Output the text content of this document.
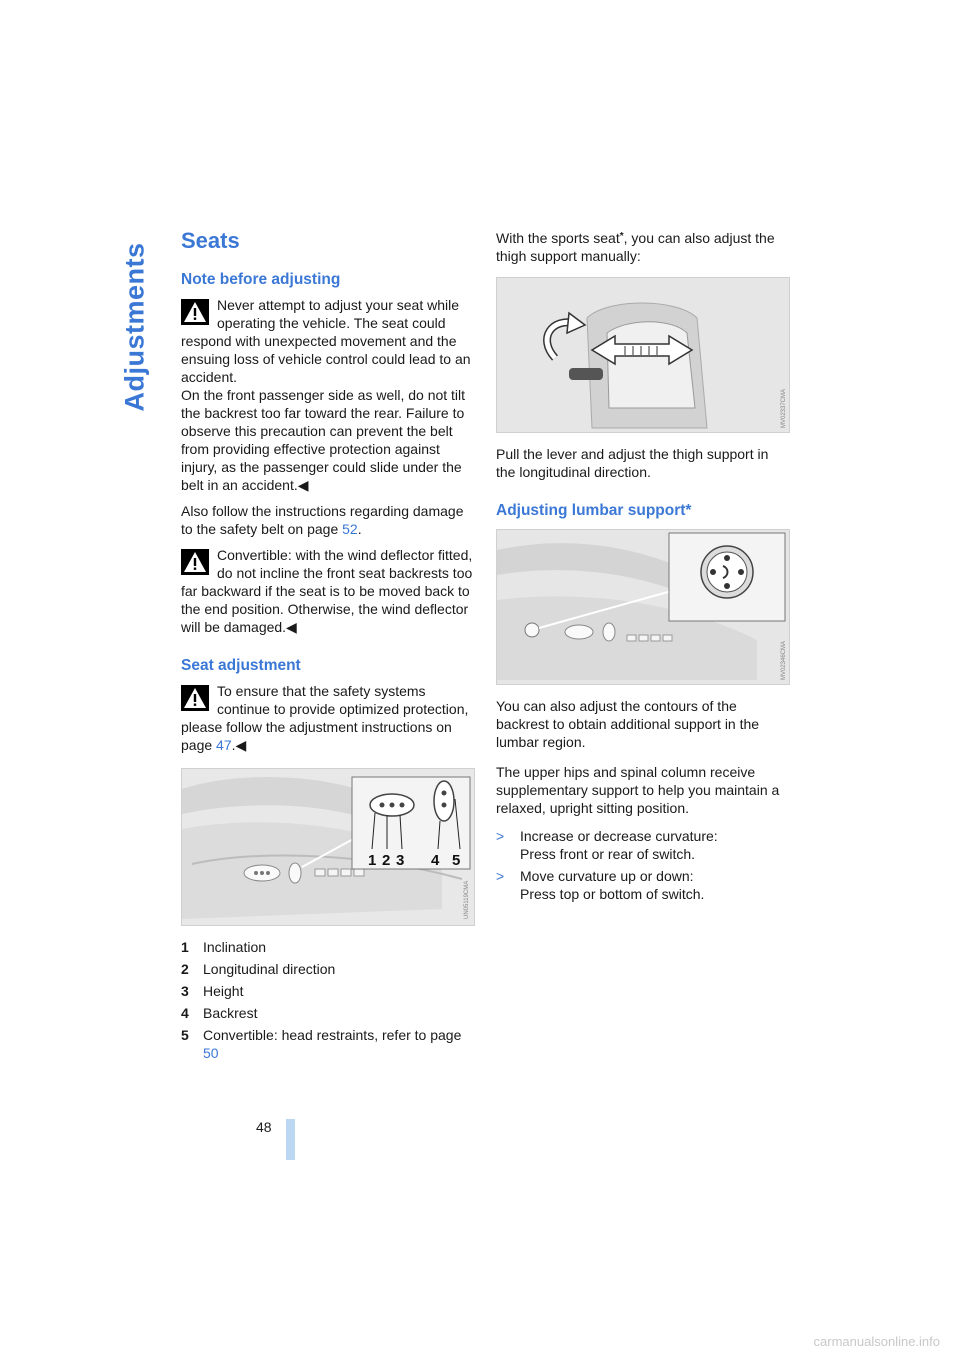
Adjustments
Seats
Note before adjusting

Never attempt to adjust your seat while operating the vehicle. The seat could respond with unexpected movement and the ensuing loss of vehicle control could lead to an accident.

On the front passenger side as well, do not tilt the backrest too far toward the rear. Failure to observe this precaution can prevent the belt from providing effective protection against injury, as the passenger could slide under the belt in an accident.◀

Also follow the instructions regarding damage to the safety belt on page 52.

Convertible: with the wind deflector fitted, do not incline the front seat backrests too far backward if the seat is to be moved back to the end position. Otherwise, the wind deflector will be damaged.◀

Seat adjustment

To ensure that the safety systems continue to provide optimized protection, please follow the adjustment instructions on page 47.◀

1 2 3 4 5
UN05119CMA
1	Inclination
2	Longitudinal direction
3	Height
4	Backrest
5	Convertible: head restraints, refer to page 50

With the sports seat*, you can also adjust the thigh support manually:

MV02337CMA

Pull the lever and adjust the thigh support in the longitudinal direction.

Adjusting lumbar support*
MV02346CMA

You can also adjust the contours of the backrest to obtain additional support in the lumbar region.

The upper hips and spinal column receive supplementary support to help you maintain a relaxed, upright sitting position.

>	Increase or decrease curvature:
Press front or rear of switch.
>	Move curvature up or down:
Press top or bottom of switch.
48
carmanualsonline.info
